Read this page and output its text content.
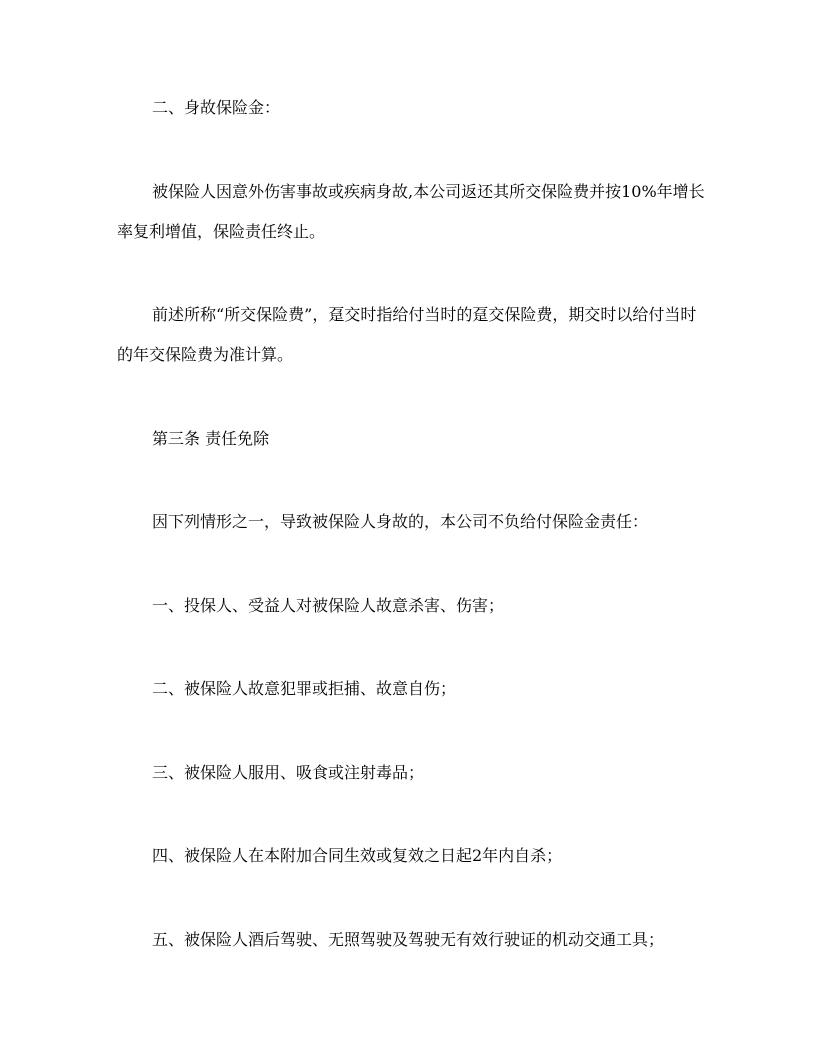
二、身故保险金：
被保险人因意外伤害事故或疾病身故,本公司返还其所交保险费并按10%年增长
率复利增值，保险责任终止。
前述所称“所交保险费”，趸交时指给付当时的趸交保险费，期交时以给付当时
的年交保险费为准计算。
第三条 责任免除
因下列情形之一，导致被保险人身故的，本公司不负给付保险金责任：
一、投保人、受益人对被保险人故意杀害、伤害；
二、被保险人故意犯罪或拒捕、故意自伤；
三、被保险人服用、吸食或注射毒品；
四、被保险人在本附加合同生效或复效之日起2年内自杀；
五、被保险人酒后驾驶、无照驾驶及驾驶无有效行驶证的机动交通工具；
